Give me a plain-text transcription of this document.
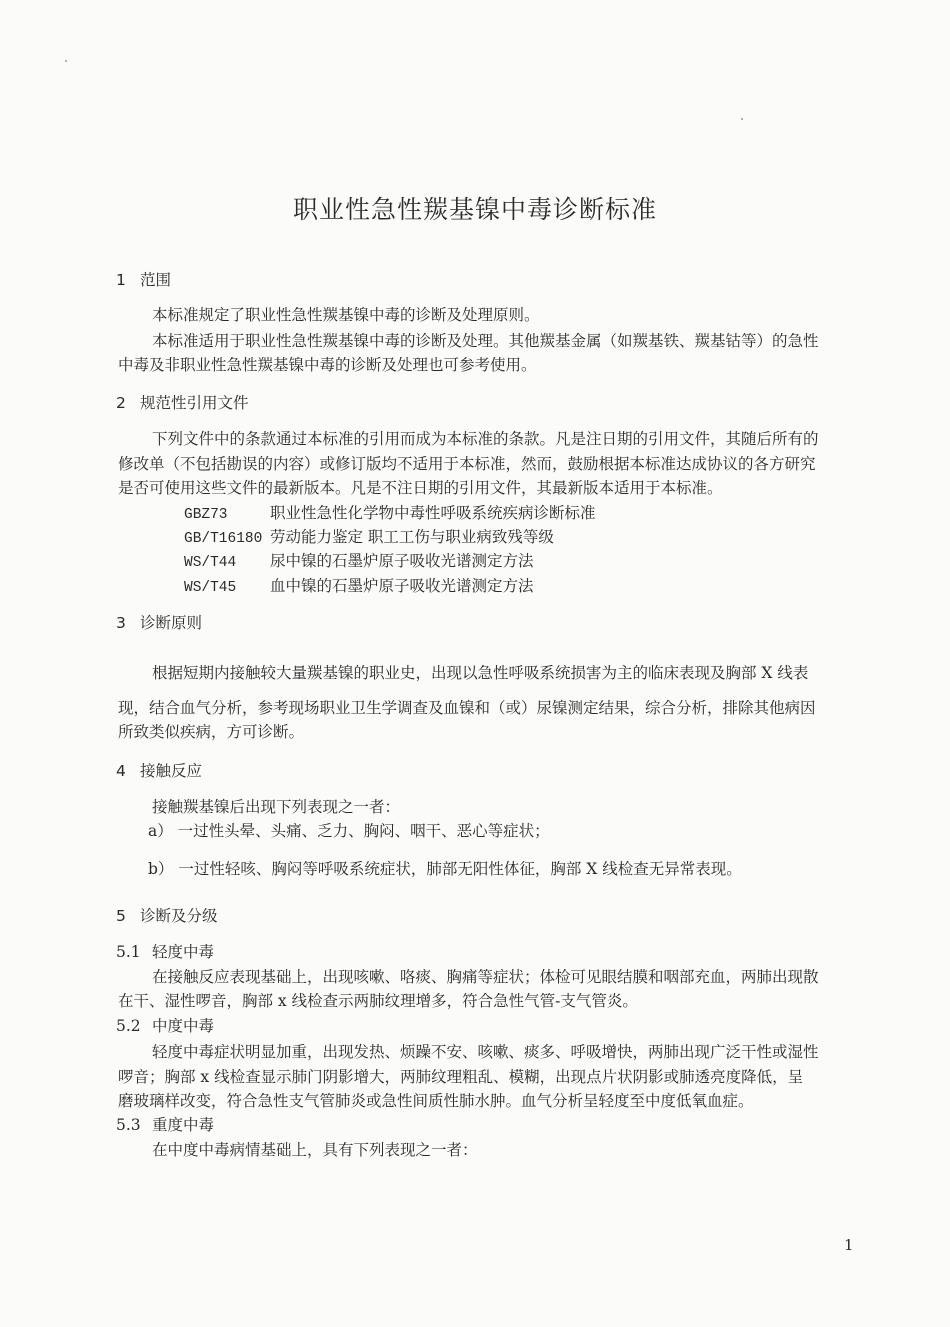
职业性急性羰基镍中毒诊断标准
1 范围
本标准规定了职业性急性羰基镍中毒的诊断及处理原则。
本标准适用于职业性急性羰基镍中毒的诊断及处理。其他羰基金属（如羰基铁、羰基钴等）的急性
中毒及非职业性急性羰基镍中毒的诊断及处理也可参考使用。
2 规范性引用文件
下列文件中的条款通过本标准的引用而成为本标准的条款。凡是注日期的引用文件，其随后所有的
修改单（不包括勘误的内容）或修订版均不适用于本标准，然而，鼓励根据本标准达成协议的各方研究
是否可使用这些文件的最新版本。凡是不注日期的引用文件，其最新版本适用于本标准。
GBZ73	职业性急性化学物中毒性呼吸系统疾病诊断标准
GB/T16180 劳动能力鉴定 职工工伤与职业病致残等级
WS/T44 尿中镍的石墨炉原子吸收光谱测定方法
WS/T45 血中镍的石墨炉原子吸收光谱测定方法
3 诊断原则
根据短期内接触较大量羰基镍的职业史，出现以急性呼吸系统损害为主的临床表现及胸部 X 线表
现，结合血气分析，参考现场职业卫生学调查及血镍和（或）尿镍测定结果，综合分析，排除其他病因
所致类似疾病，方可诊断。
4 接触反应
接触羰基镍后出现下列表现之一者：
a） 一过性头晕、头痛、乏力、胸闷、咽干、恶心等症状；
b） 一过性轻咳、胸闷等呼吸系统症状，肺部无阳性体征，胸部 X 线检查无异常表现。
5 诊断及分级
5.1 轻度中毒
在接触反应表现基础上，出现咳嗽、咯痰、胸痛等症状；体检可见眼结膜和咽部充血，两肺出现散
在干、湿性啰音，胸部 x 线检查示两肺纹理增多，符合急性气管-支气管炎。
5.2 中度中毒
轻度中毒症状明显加重，出现发热、烦躁不安、咳嗽、痰多、呼吸增快，两肺出现广泛干性或湿性
啰音；胸部 x 线检查显示肺门阴影增大，两肺纹理粗乱、模糊，出现点片状阴影或肺透亮度降低，呈
磨玻璃样改变，符合急性支气管肺炎或急性间质性肺水肿。血气分析呈轻度至中度低氧血症。
5.3 重度中毒
在中度中毒病情基础上，具有下列表现之一者：
1
